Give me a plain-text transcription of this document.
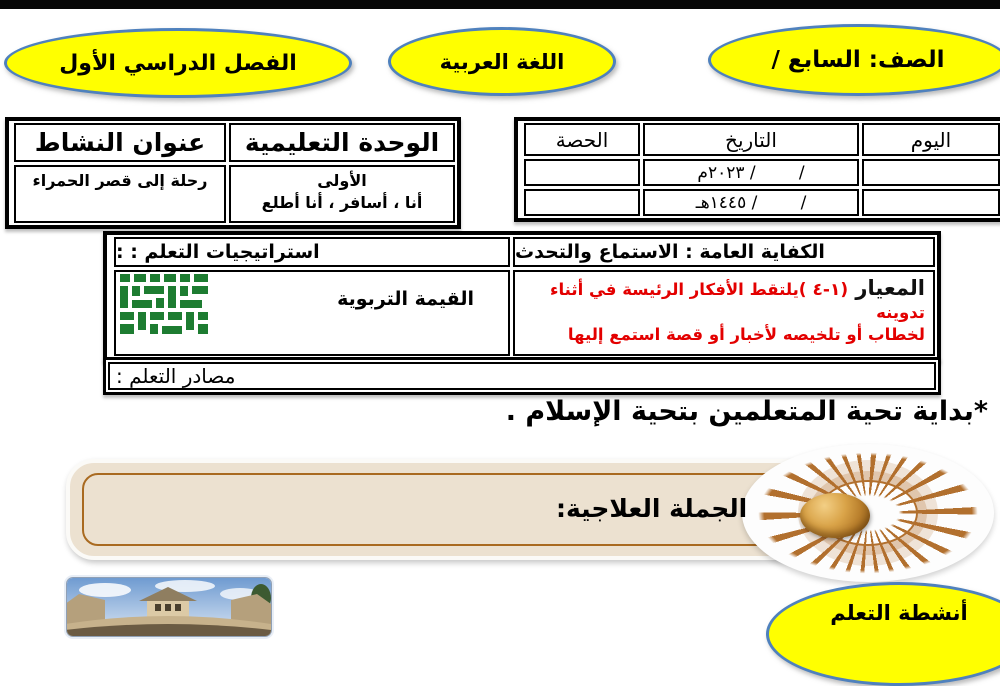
الفصل الدراسي الأول	اللغة العربية	الصف: السابع /
اليوم
التاريخ
الحصة
/        / ٢٠٢٣م
/        / ١٤٤٥هـ
الوحدة التعليمية
عنوان النشاط
الأولى
أنا ، أسافر ، أنا أطلع
رحلة إلى قصر الحمراء
الكفاية العامة : الاستماع والتحدث
استراتيجيات التعلم : :
المعيار ( ١-٤)يلتقط الأفكار الرئيسة في أثناء تدوينه
لخطاب أو تلخيصه لأخبار أو قصة استمع إليها
القيمة التربوية
مصادر التعلم :
*بداية تحية المتعلمين بتحية الإسلام .
الجملة العلاجية:
أنشطة التعلم
